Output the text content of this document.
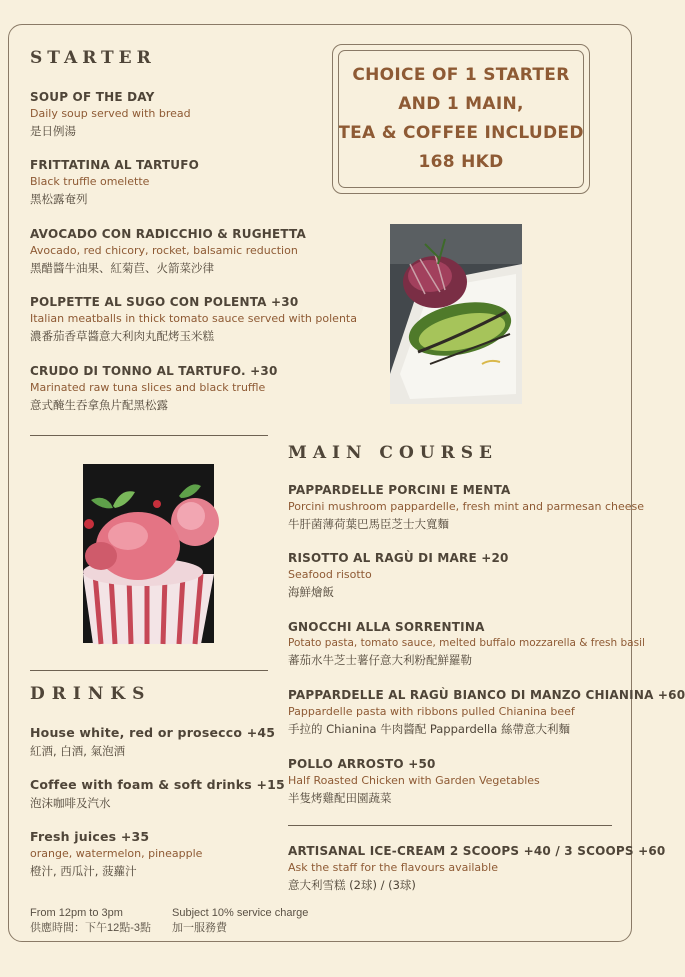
STARTER
SOUP OF THE DAY
Daily soup served with bread
是日例湯
FRITTATINA AL TARTUFO
Black truffle omelette
黑松露奄列
AVOCADO CON RADICCHIO & RUGHETTA
Avocado, red chicory, rocket, balsamic reduction
黑醋醬牛油果、紅菊苣、火箭菜沙律
POLPETTE AL SUGO CON POLENTA +30
Italian meatballs in thick tomato sauce served with polenta
濃番茄香草醬意大利肉丸配烤玉米糕
CRUDO DI TONNO AL TARTUFO. +30
Marinated raw tuna slices and black truffle
意式醃生吞拿魚片配黑松露
CHOICE OF 1 STARTER
AND 1 MAIN,
TEA & COFFEE INCLUDED
168 HKD
MAIN COURSE
PAPPARDELLE PORCINI E MENTA
Porcini mushroom pappardelle, fresh mint and parmesan cheese
牛肝菌薄荷葉巴馬臣芝士大寬麵
RISOTTO AL RAGÙ DI MARE +20
Seafood risotto
海鮮燴飯
GNOCCHI ALLA SORRENTINA
Potato pasta, tomato sauce, melted buffalo mozzarella & fresh basil
蕃茄水牛芝士薯仔意大利粉配鮮羅勒
PAPPARDELLE AL RAGÙ BIANCO DI MANZO CHIANINA +60
Pappardelle pasta with ribbons pulled Chianina beef
手拉的 Chianina 牛肉醬配 Pappardella 絲帶意大利麵
POLLO ARROSTO +50
Half Roasted Chicken with Garden Vegetables
半隻烤雞配田園蔬菜
ARTISANAL ICE-CREAM 2 SCOOPS +40 / 3 SCOOPS +60
Ask the staff for the flavours available
意大利雪糕 (2球) / (3球)
DRINKS
House white, red or prosecco +45
紅酒, 白酒, 氣泡酒
Coffee with foam & soft drinks +15
泡沫咖啡及汽水
Fresh juices +35
orange, watermelon, pineapple
橙汁, 西瓜汁, 菠蘿汁
From 12pm to 3pm
供應時間：下午12點-3點
Subject 10% service charge
加一服務費
